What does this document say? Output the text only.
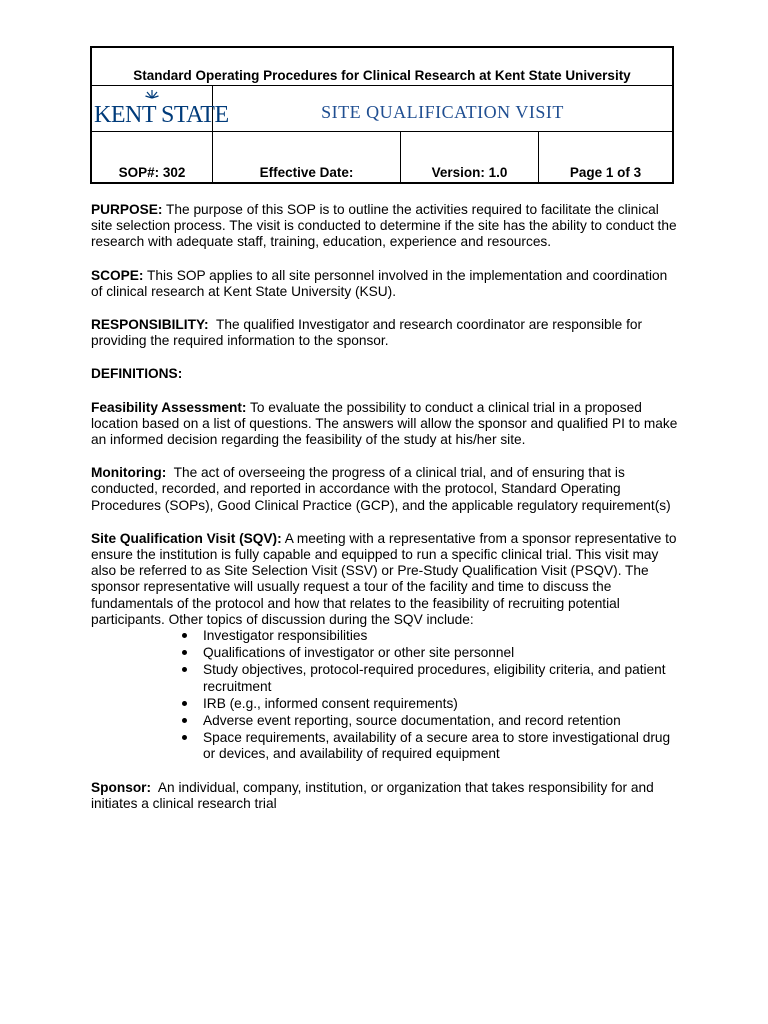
Standard Operating Procedures for Clinical Research at Kent State University
KENT STATE	SITE QUALIFICATION VISIT
SOP#: 302	Effective Date:	Version: 1.0	Page 1 of 3

PURPOSE: The purpose of this SOP is to outline the activities required to facilitate the clinical site selection process. The visit is conducted to determine if the site has the ability to conduct the research with adequate staff, training, education, experience and resources.

SCOPE: This SOP applies to all site personnel involved in the implementation and coordination of clinical research at Kent State University (KSU).

RESPONSIBILITY:  The qualified Investigator and research coordinator are responsible for providing the required information to the sponsor.

DEFINITIONS:

Feasibility Assessment: To evaluate the possibility to conduct a clinical trial in a proposed location based on a list of questions. The answers will allow the sponsor and qualified PI to make an informed decision regarding the feasibility of the study at his/her site.

Monitoring:  The act of overseeing the progress of a clinical trial, and of ensuring that is conducted, recorded, and reported in accordance with the protocol, Standard Operating Procedures (SOPs), Good Clinical Practice (GCP), and the applicable regulatory requirement(s)

Site Qualification Visit (SQV): A meeting with a representative from a sponsor representative to ensure the institution is fully capable and equipped to run a specific clinical trial. This visit may also be referred to as Site Selection Visit (SSV) or Pre-Study Qualification Visit (PSQV). The sponsor representative will usually request a tour of the facility and time to discuss the fundamentals of the protocol and how that relates to the feasibility of recruiting potential participants. Other topics of discussion during the SQV include:

Investigator responsibilities
Qualifications of investigator or other site personnel
Study objectives, protocol-required procedures, eligibility criteria, and patient recruitment
IRB (e.g., informed consent requirements)
Adverse event reporting, source documentation, and record retention
Space requirements, availability of a secure area to store investigational drug or devices, and availability of required equipment

Sponsor:  An individual, company, institution, or organization that takes responsibility for and initiates a clinical research trial
